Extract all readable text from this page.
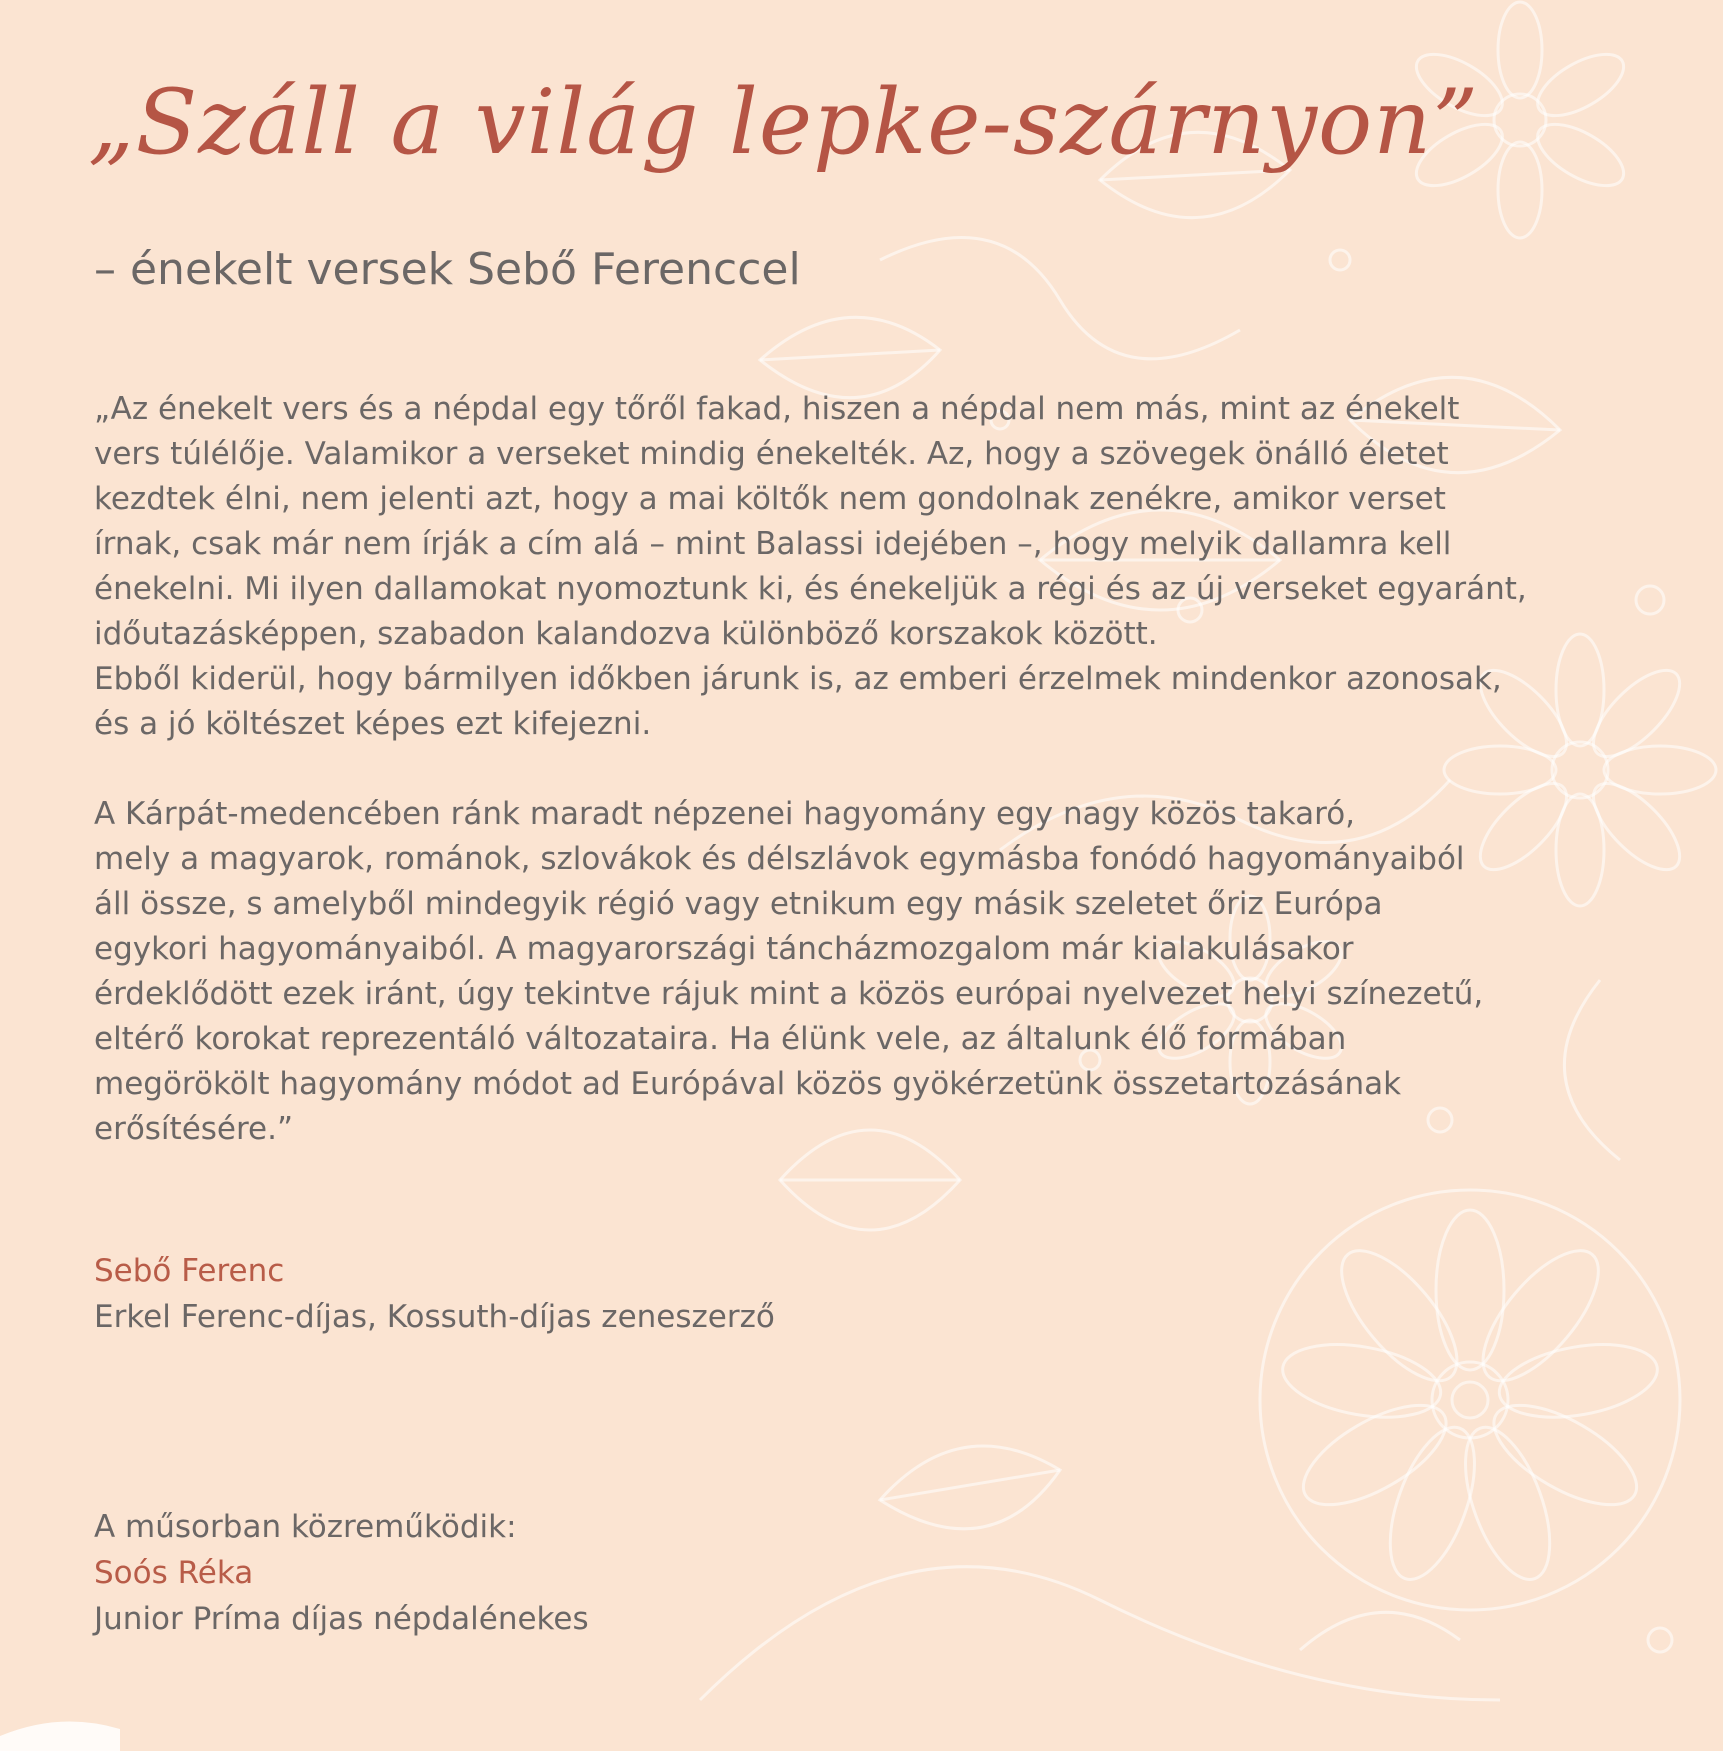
„Száll a világ lepke-szárnyon”
– énekelt versek Sebő Ferenccel

„Az énekelt vers és a népdal egy tőről fakad, hiszen a népdal nem más, mint az énekelt
vers túlélője. Valamikor a verseket mindig énekelték. Az, hogy a szövegek önálló életet
kezdtek élni, nem jelenti azt, hogy a mai költők nem gondolnak zenékre, amikor verset
írnak, csak már nem írják a cím alá – mint Balassi idejében –, hogy melyik dallamra kell
énekelni. Mi ilyen dallamokat nyomoztunk ki, és énekeljük a régi és az új verseket egyaránt,
időutazásképpen, szabadon kalandozva különböző korszakok között.
Ebből kiderül, hogy bármilyen időkben járunk is, az emberi érzelmek mindenkor azonosak,
és a jó költészet képes ezt kifejezni.

A Kárpát-medencében ránk maradt népzenei hagyomány egy nagy közös takaró,
mely a magyarok, románok, szlovákok és délszlávok egymásba fonódó hagyományaiból
áll össze, s amelyből mindegyik régió vagy etnikum egy másik szeletet őriz Európa
egykori hagyományaiból. A magyarországi táncházmozgalom már kialakulásakor
érdeklődött ezek iránt, úgy tekintve rájuk mint a közös európai nyelvezet helyi színezetű,
eltérő korokat reprezentáló változataira. Ha élünk vele, az általunk élő formában
megörökölt hagyomány módot ad Európával közös gyökérzetünk összetartozásának
erősítésére.”

Sebő Ferenc
Erkel Ferenc-díjas, Kossuth-díjas zeneszerző
A műsorban közreműködik:
Soós Réka
Junior Príma díjas népdalénekes
